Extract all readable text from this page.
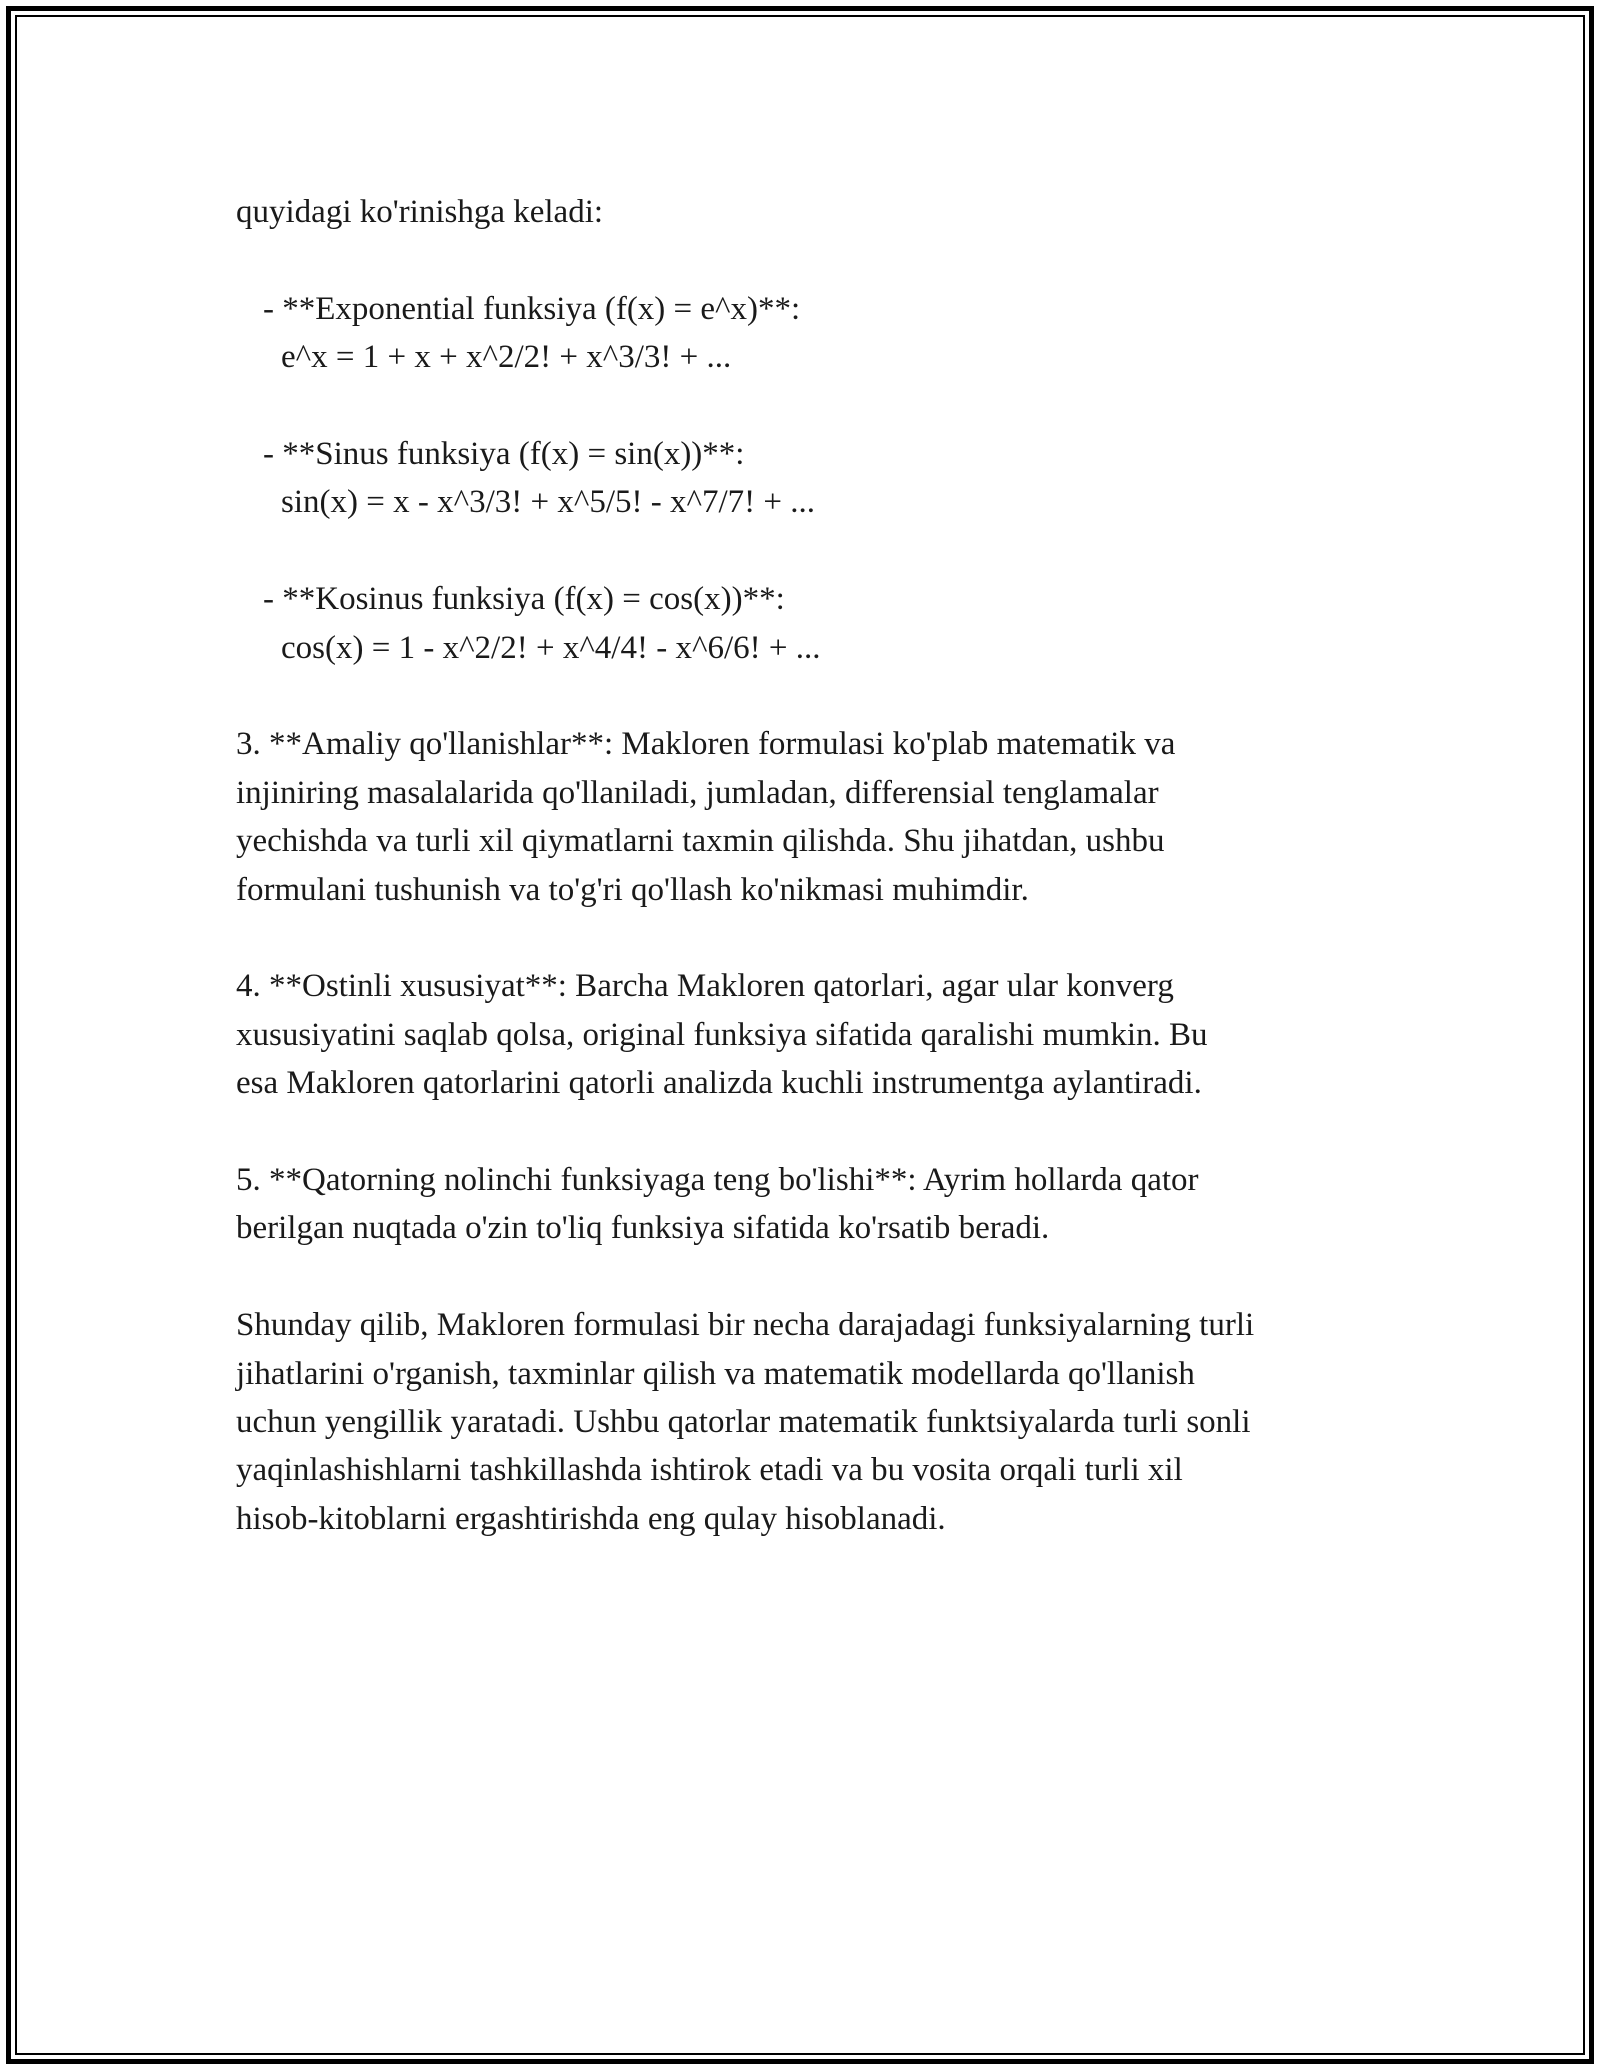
quyidagi ko'rinishga keladi:
- **Exponential funksiya (f(x) = e^x)**:
e^x = 1 + x + x^2/2! + x^3/3! + ...
- **Sinus funksiya (f(x) = sin(x))**:
sin(x) = x - x^3/3! + x^5/5! - x^7/7! + ...
- **Kosinus funksiya (f(x) = cos(x))**:
cos(x) = 1 - x^2/2! + x^4/4! - x^6/6! + ...
3. **Amaliy qo'llanishlar**: Makloren formulasi ko'plab matematik va
injiniring masalalarida qo'llaniladi, jumladan, differensial tenglamalar
yechishda va turli xil qiymatlarni taxmin qilishda. Shu jihatdan, ushbu
formulani tushunish va to'g'ri qo'llash ko'nikmasi muhimdir.
4. **Ostinli xususiyat**: Barcha Makloren qatorlari, agar ular konverg
xususiyatini saqlab qolsa, original funksiya sifatida qaralishi mumkin. Bu
esa Makloren qatorlarini qatorli analizda kuchli instrumentga aylantiradi.
5. **Qatorning nolinchi funksiyaga teng bo'lishi**: Ayrim hollarda qator
berilgan nuqtada o'zin to'liq funksiya sifatida ko'rsatib beradi.
Shunday qilib, Makloren formulasi bir necha darajadagi funksiyalarning turli
jihatlarini o'rganish, taxminlar qilish va matematik modellarda qo'llanish
uchun yengillik yaratadi. Ushbu qatorlar matematik funktsiyalarda turli sonli
yaqinlashishlarni tashkillashda ishtirok etadi va bu vosita orqali turli xil
hisob-kitoblarni ergashtirishda eng qulay hisoblanadi.
